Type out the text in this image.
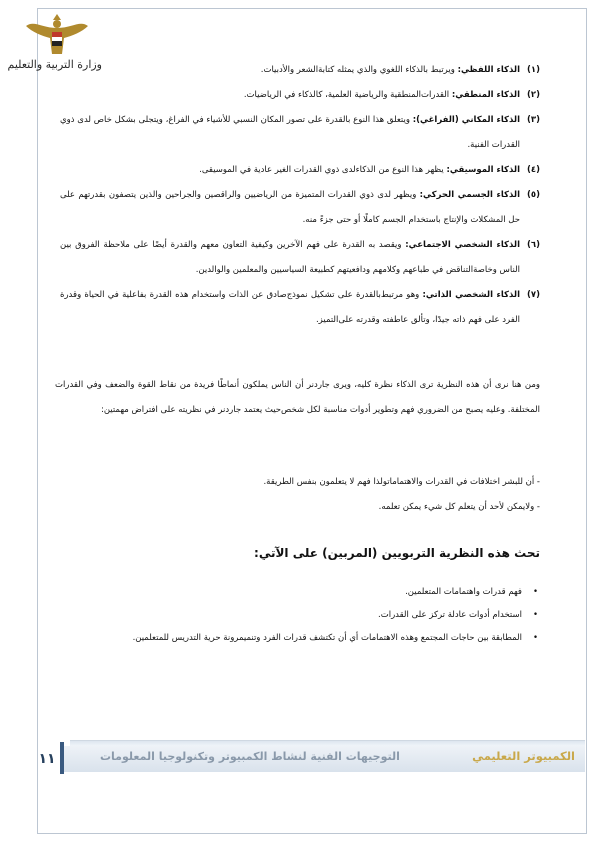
وزارة التربية والتعليم	(١)
الذكاء اللفظي: ويرتبط بالذكاء اللغوي والذي يمثله كتابة‌الشعر والأدبيات.

(٢)
الذكاء المنطقي: القدرات‌المنطقية والرياضية العلمية، كالذكاء في الرياضيات.

(٣)
الذكاء المكاني (الفراغي): ويتعلق هذا النوع بالقدرة على تصور المكان النسبي للأشياء في الفراغ، ويتجلى بشكل خاص لدى ذوي القدرات الفنية.

(٤)
الذكاء الموسيقي: يظهر هذا النوع من الذكاءلدى ذوي القدرات الغير عادية في الموسيقى.

(٥)
الذكاء الجسمي الحركي: ويظهر لدى ذوي القدرات المتميزة من الرياضيين والراقصين والجراحين والذين يتصفون بقدرتهم على حل المشكلات والإنتاج باستخدام الجسم كاملًا أو حتى جزءً منه.

(٦)
الذكاء الشخصي الاجتماعي: ويقصد به القدرة على فهم الآخرين وكيفية التعاون معهم والقدرة أيضًا على ملاحظة الفروق بين الناس وخاصة‌التناقض في طباعهم وكلامهم ودافعيتهم كطبيعة السياسيين والمعلمين والوالدين.

(٧)
الذكاء الشخصي الذاتي: وهو مرتبط‌بالقدرة على تشكيل نموذج‌صادق عن الذات واستخدام هذه القدرة بفاعلية في الحياة وقدرة الفرد على فهم ذاته جيدًا، وتألق عاطفته وقدرته على‌التميز.

ومن هنا نرى أن هذه النظرية ترى الذكاء نظرة كليه، ويرى جاردنر أن الناس يملكون أنماطًا فريدة من نقاط القوة والضعف وفي القدرات المختلفة. وعليه يصبح من الضروري فهم وتطوير أدوات مناسبة لكل شخص‌حيث يعتمد جاردنر في نظريته على افتراض مهمتين:
- أن للبشر اختلافات في القدرات والاهتماماتولذا فهم لا يتعلمون بنفس الطريقة.
- ولايمكن لأحد أن يتعلم كل شيء يمكن تعلمه.
تحث هذه النظرية التربويين (المربين) على الآتي:

•
فهم قدرات واهتمامات المتعلمين.

•
استخدام أدوات عادلة تركز على القدرات.

•
المطابقة بين حاجات المجتمع وهذه الاهتمامات أي أن تكتشف قدرات الفرد وتنميمرونة حرية التدريس للمتعلمين.

١١	التوجيهات الفنية لنشاط الكمبيوتر وتكنولوجيا المعلومات	الكمبيوتر التعليمي
